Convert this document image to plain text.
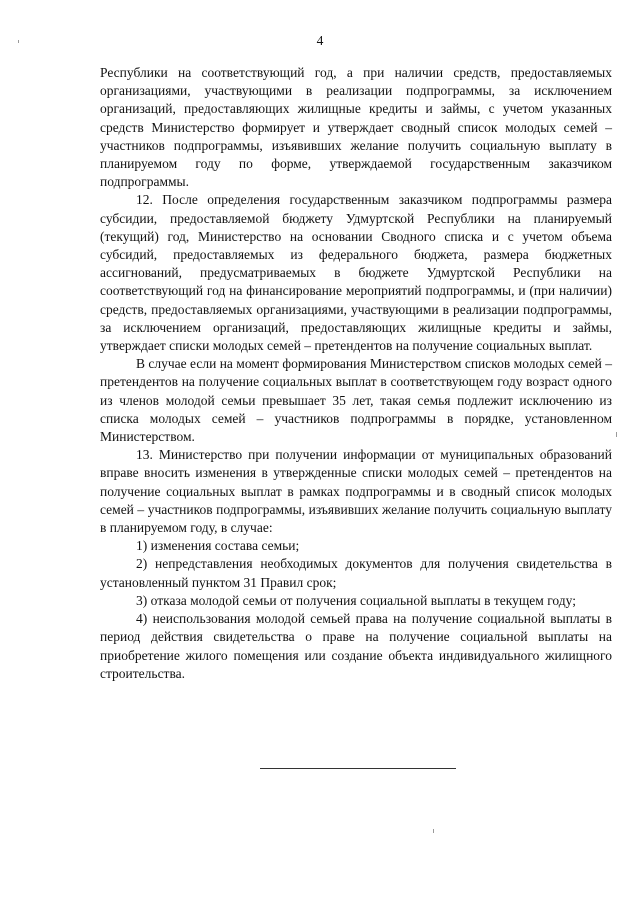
4

Республики на соответствующий год, а при наличии средств, предоставляемых организациями, участвующими в реализации подпрограммы, за исключением организаций, предоставляющих жилищные кредиты и займы, с учетом указанных средств Министерство формирует и утверждает сводный список молодых семей – участников подпрограммы, изъявивших желание получить социальную выплату в планируемом году по форме, утверждаемой государственным заказчиком подпрограммы.

12. После определения государственным заказчиком подпрограммы размера субсидии, предоставляемой бюджету Удмуртской Республики на планируемый (текущий) год, Министерство на основании Сводного списка и с учетом объема субсидий, предоставляемых из федерального бюджета, размера бюджетных ассигнований, предусматриваемых в бюджете Удмуртской Республики на соответствующий год на финансирование мероприятий подпрограммы, и (при наличии) средств, предоставляемых организациями, участвующими в реализации подпрограммы, за исключением организаций, предоставляющих жилищные кредиты и займы, утверждает списки молодых семей – претендентов на получение социальных выплат.

В случае если на момент формирования Министерством списков молодых семей – претендентов на получение социальных выплат в соответствующем году возраст одного из членов молодой семьи превышает 35 лет, такая семья подлежит исключению из списка молодых семей – участников подпрограммы в порядке, установленном Министерством.

13. Министерство при получении информации от муниципальных образований вправе вносить изменения в утвержденные списки молодых семей – претендентов на получение социальных выплат в рамках подпрограммы и в сводный список молодых семей – участников подпрограммы, изъявивших желание получить социальную выплату в планируемом году, в случае:

1) изменения состава семьи;

2) непредставления необходимых документов для получения свидетельства в установленный пунктом 31 Правил срок;

3) отказа молодой семьи от получения социальной выплаты в текущем году;

4) неиспользования молодой семьей права на получение социальной выплаты в период действия свидетельства о праве на получение социальной выплаты на приобретение жилого помещения или создание объекта индивидуального жилищного строительства.
